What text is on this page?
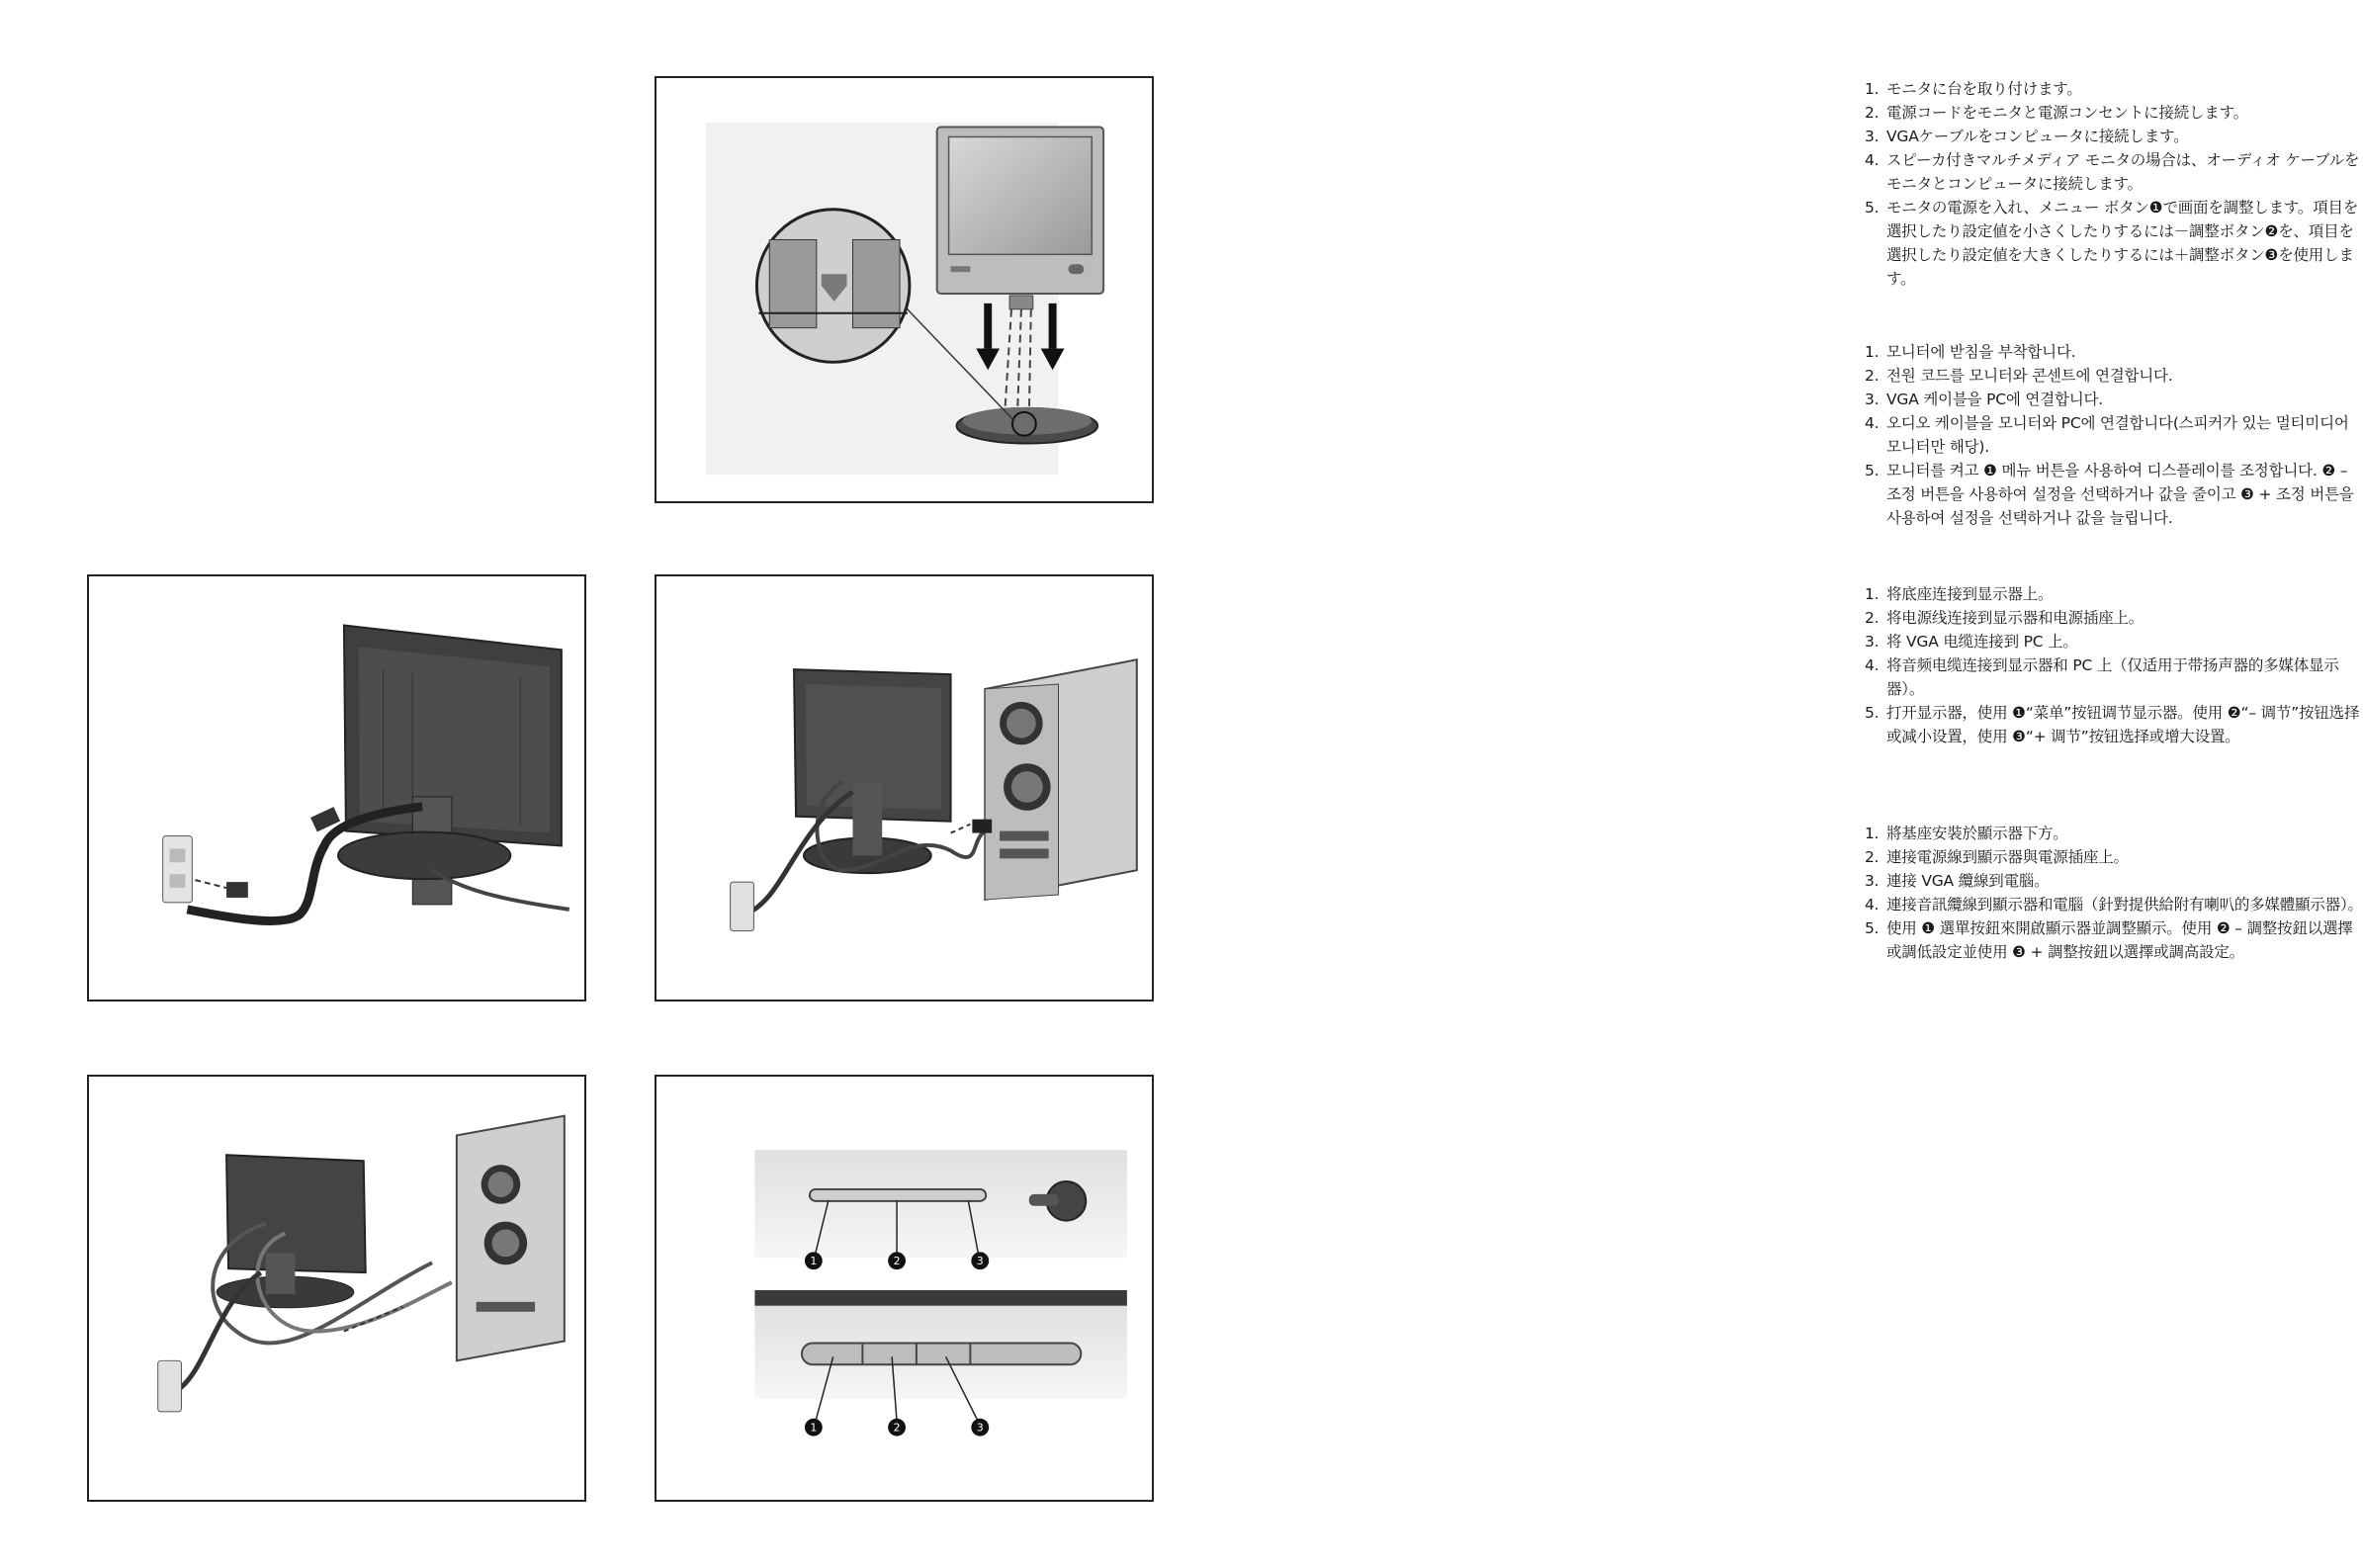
1	2	3
1	2	3
1. モニタに台を取り付けます。
2. 電源コードをモニタと電源コンセントに接続します。
3. VGAケーブルをコンピュータに接続します。
4. スピーカ付きマルチメディア モニタの場合は、オーディオ ケーブルをモニタとコンピュータに接続します。
5. モニタの電源を入れ、メニュー ボタン❶で画面を調整します。項目を選択したり設定値を小さくしたりするには－調整ボタン❷を、項目を選択したり設定値を大きくしたりするには＋調整ボタン❸を使用します。
1. 모니터에 받침을 부착합니다.
2. 전원 코드를 모니터와 콘센트에 연결합니다.
3. VGA 케이블을 PC에 연결합니다.
4. 오디오 케이블을 모니터와 PC에 연결합니다(스피커가 있는 멀티미디어 모니터만 해당).
5. 모니터를 켜고 ❶ 메뉴 버튼을 사용하여 디스플레이를 조정합니다. ❷ – 조정 버튼을 사용하여 설정을 선택하거나 값을 줄이고 ❸ + 조정 버튼을 사용하여 설정을 선택하거나 값을 늘립니다.
1. 将底座连接到显示器上。
2. 将电源线连接到显示器和电源插座上。
3. 将 VGA 电缆连接到 PC 上。
4. 将音频电缆连接到显示器和 PC 上（仅适用于带扬声器的多媒体显示器）。
5. 打开显示器，使用 ❶“菜单”按钮调节显示器。使用 ❷“– 调节”按钮选择或减小设置，使用 ❸“+ 调节”按钮选择或增大设置。
1. 將基座安裝於顯示器下方。
2. 連接電源線到顯示器與電源插座上。
3. 連接 VGA 纜線到電腦。
4. 連接音訊纜線到顯示器和電腦（針對提供給附有喇叭的多媒體顯示器）。
5. 使用 ❶ 選單按鈕來開啟顯示器並調整顯示。使用 ❷ – 調整按鈕以選擇或調低設定並使用 ❸ + 調整按鈕以選擇或調高設定。
